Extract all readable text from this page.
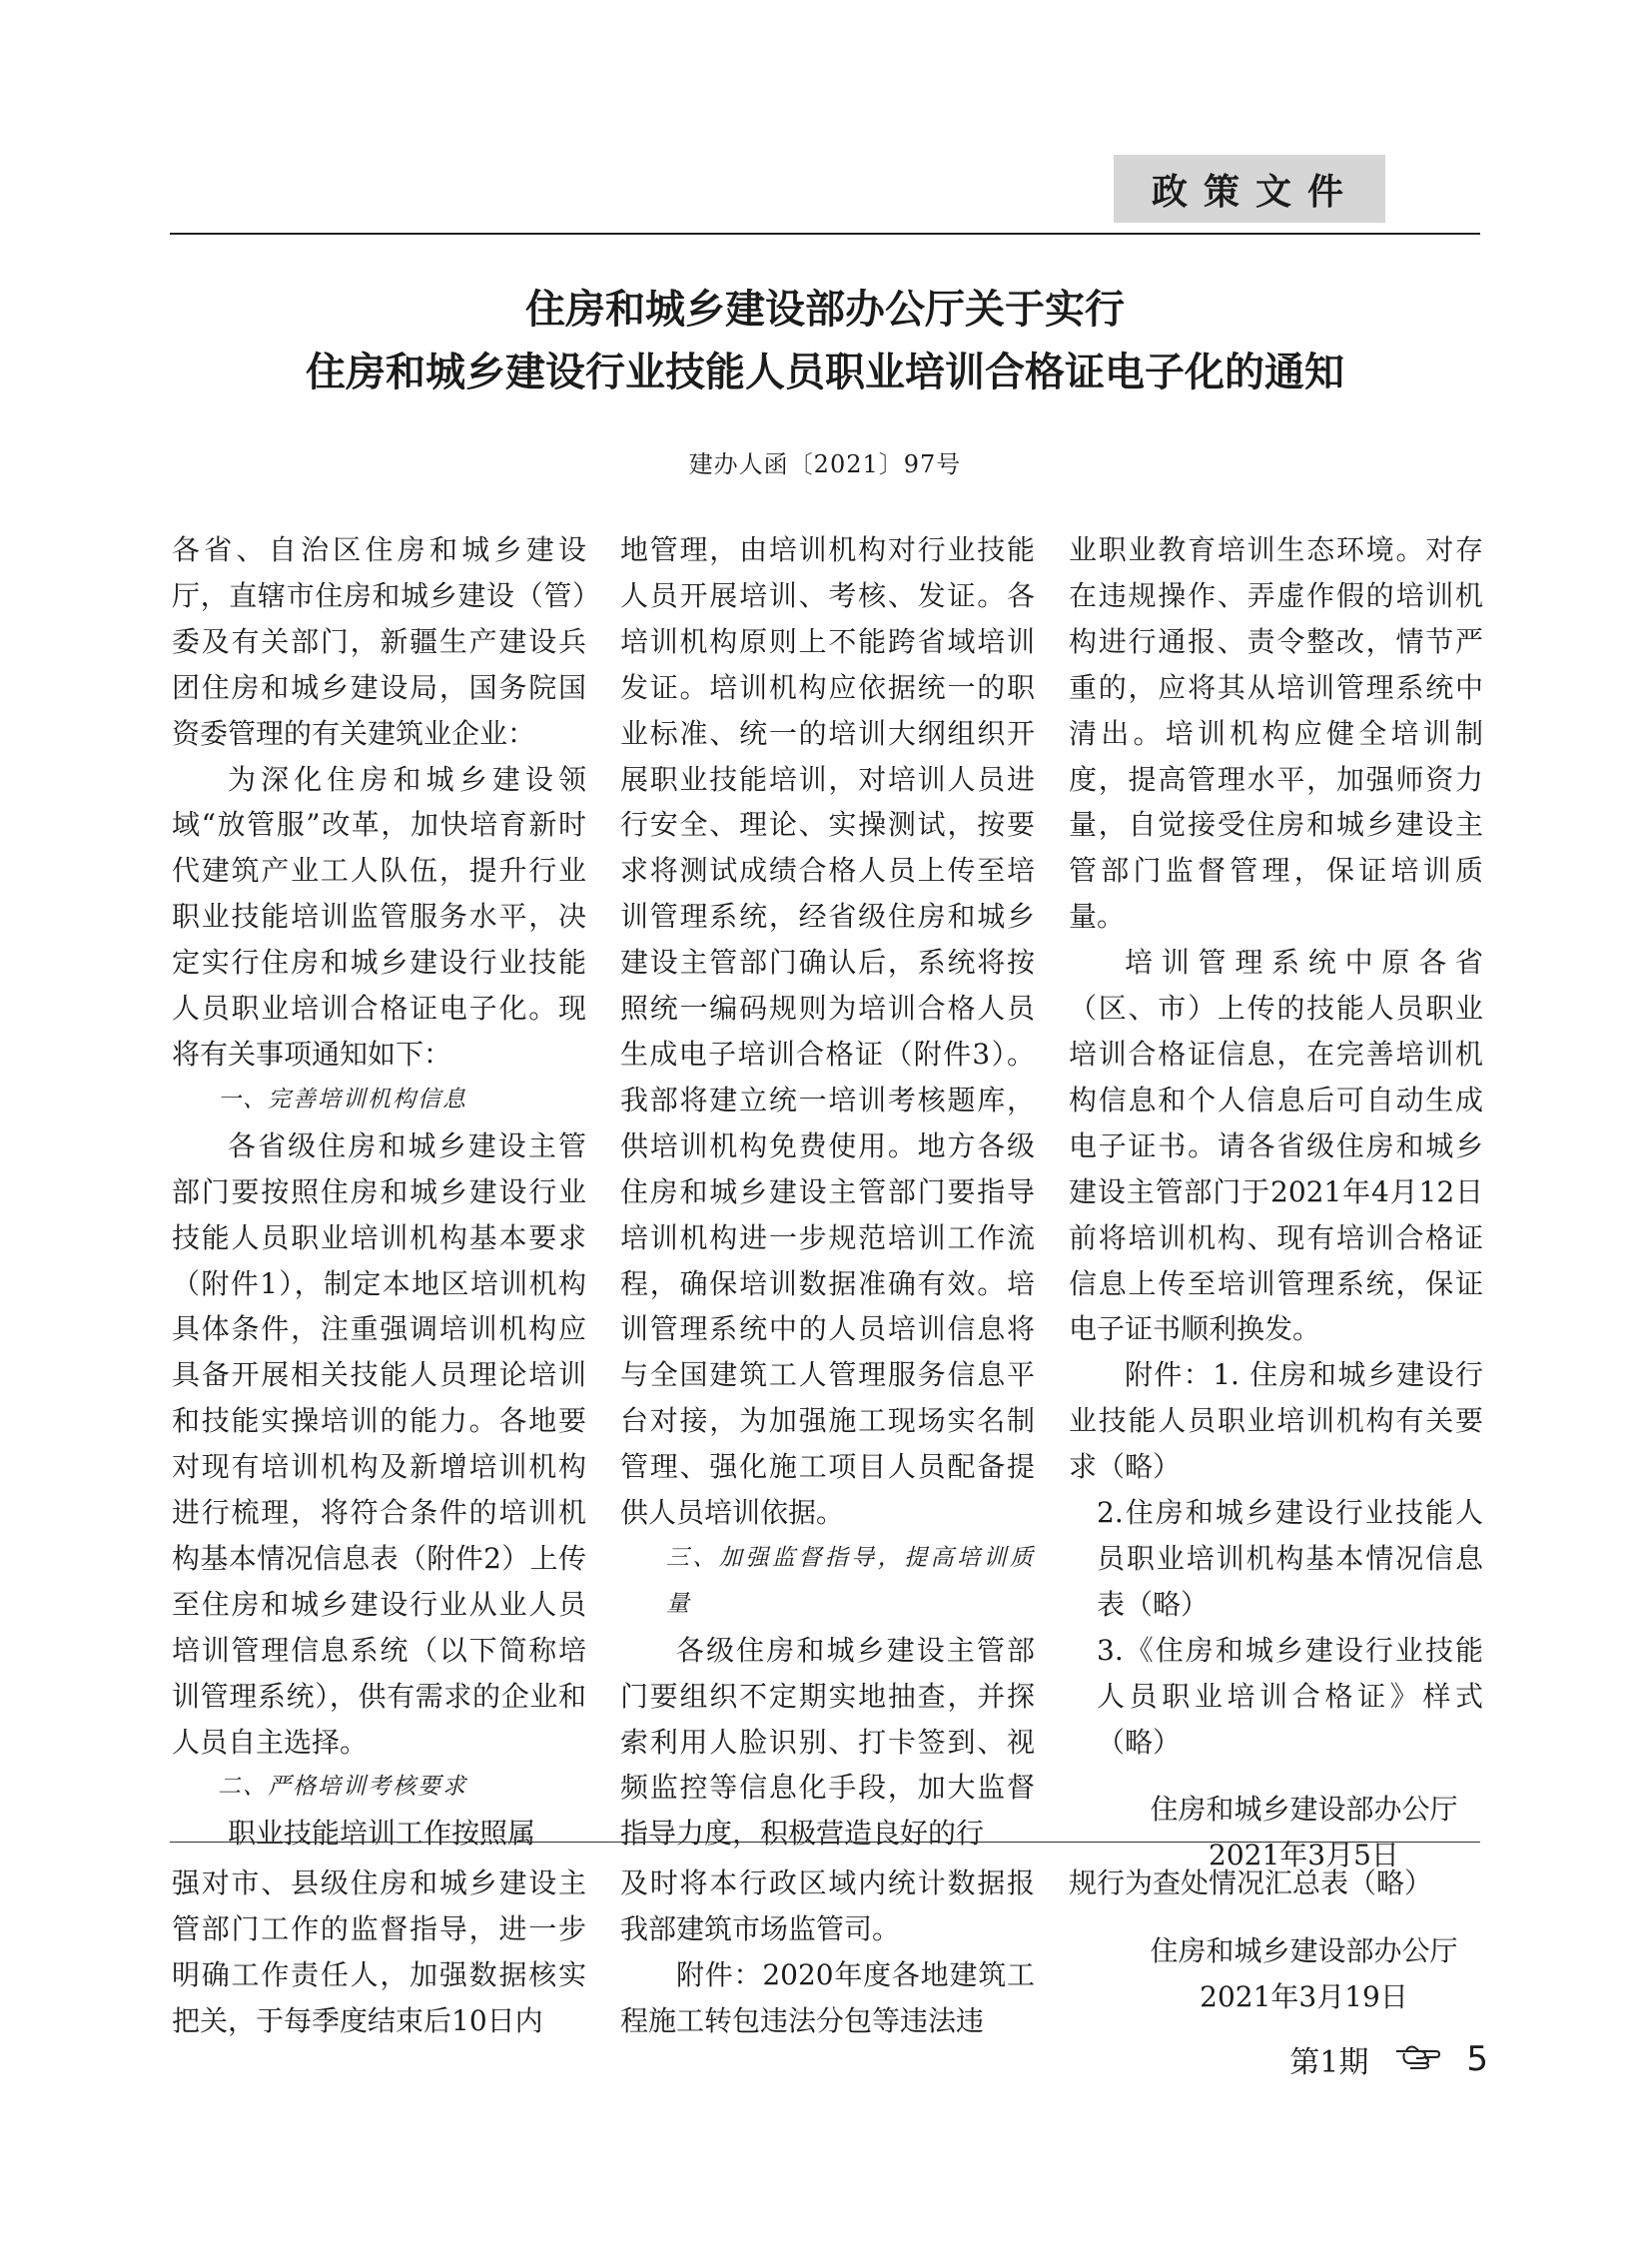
政策文件
住房和城乡建设部办公厅关于实行
住房和城乡建设行业技能人员职业培训合格证电子化的通知
建办人函〔2021〕97号

各省、自治区住房和城乡建设厅，直辖市住房和城乡建设（管）委及有关部门，新疆生产建设兵团住房和城乡建设局，国务院国资委管理的有关建筑业企业：

为深化住房和城乡建设领域“放管服”改革，加快培育新时代建筑产业工人队伍，提升行业职业技能培训监管服务水平，决定实行住房和城乡建设行业技能人员职业培训合格证电子化。现将有关事项通知如下：

一、完善培训机构信息

各省级住房和城乡建设主管部门要按照住房和城乡建设行业技能人员职业培训机构基本要求（附件1），制定本地区培训机构具体条件，注重强调培训机构应具备开展相关技能人员理论培训和技能实操培训的能力。各地要对现有培训机构及新增培训机构进行梳理，将符合条件的培训机构基本情况信息表（附件2）上传至住房和城乡建设行业从业人员培训管理信息系统（以下简称培训管理系统），供有需求的企业和人员自主选择。

二、严格培训考核要求

职业技能培训工作按照属

地管理，由培训机构对行业技能人员开展培训、考核、发证。各培训机构原则上不能跨省域培训发证。培训机构应依据统一的职业标准、统一的培训大纲组织开展职业技能培训，对培训人员进行安全、理论、实操测试，按要求将测试成绩合格人员上传至培训管理系统，经省级住房和城乡建设主管部门确认后，系统将按照统一编码规则为培训合格人员生成电子培训合格证（附件3）。我部将建立统一培训考核题库，供培训机构免费使用。地方各级住房和城乡建设主管部门要指导培训机构进一步规范培训工作流程，确保培训数据准确有效。培训管理系统中的人员培训信息将与全国建筑工人管理服务信息平台对接，为加强施工现场实名制管理、强化施工项目人员配备提供人员培训依据。

三、加强监督指导，提高培训质量

各级住房和城乡建设主管部门要组织不定期实地抽查，并探索利用人脸识别、打卡签到、视频监控等信息化手段，加大监督指导力度，积极营造良好的行

业职业教育培训生态环境。对存在违规操作、弄虚作假的培训机构进行通报、责令整改，情节严重的，应将其从培训管理系统中清出。培训机构应健全培训制度，提高管理水平，加强师资力量，自觉接受住房和城乡建设主管部门监督管理，保证培训质量。

培训管理系统中原各省（区、市）上传的技能人员职业培训合格证信息，在完善培训机构信息和个人信息后可自动生成电子证书。请各省级住房和城乡建设主管部门于2021年4月12日前将培训机构、现有培训合格证信息上传至培训管理系统，保证电子证书顺利换发。

附件：1. 住房和城乡建设行业技能人员职业培训机构有关要求（略）

2.住房和城乡建设行业技能人员职业培训机构基本情况信息表（略）

3.《住房和城乡建设行业技能人员职业培训合格证》样式（略）

住房和城乡建设部办公厅

2021年3月5日

强对市、县级住房和城乡建设主管部门工作的监督指导，进一步明确工作责任人，加强数据核实把关，于每季度结束后10日内

及时将本行政区域内统计数据报我部建筑市场监管司。

附件：2020年度各地建筑工程施工转包违法分包等违法违

规行为查处情况汇总表（略）

住房和城乡建设部办公厅

2021年3月19日

第1期	5
